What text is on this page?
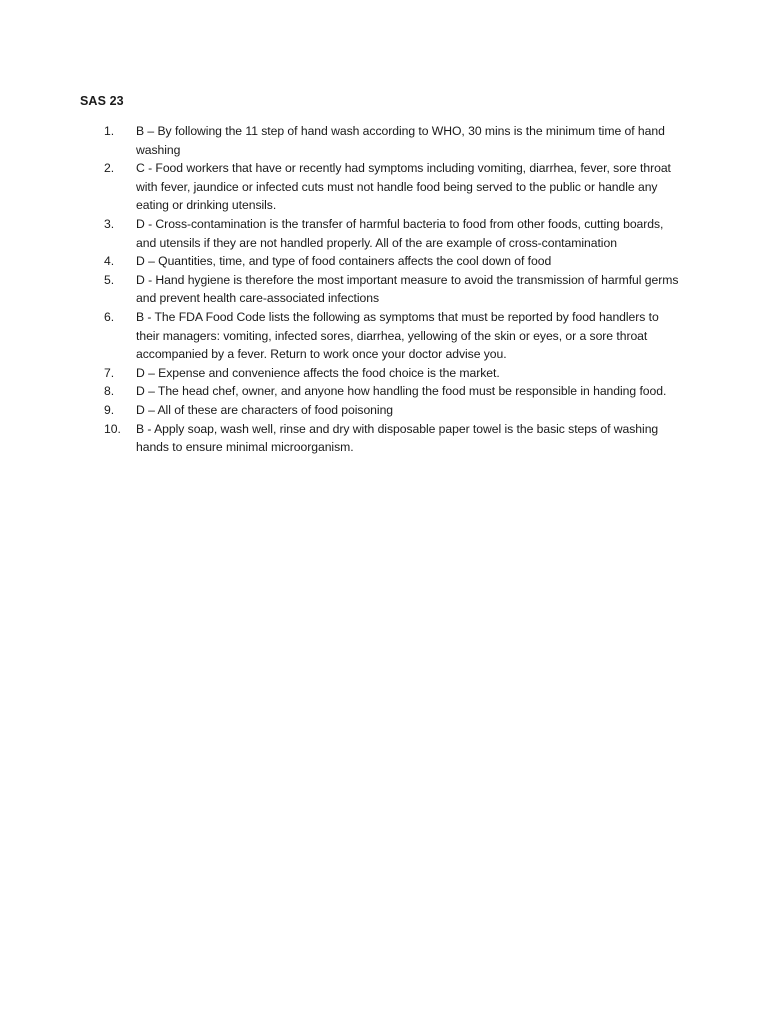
SAS 23
1.	B – By following the 11 step of hand wash according to WHO, 30 mins is the minimum time of hand washing
2.	C - Food workers that have or recently had symptoms including vomiting, diarrhea, fever, sore throat with fever, jaundice or infected cuts must not handle food being served to the public or handle any eating or drinking utensils.
3.	D - Cross-contamination is the transfer of harmful bacteria to food from other foods, cutting boards, and utensils if they are not handled properly. All of the are example of cross-contamination
4.	D – Quantities, time, and type of food containers affects the cool down of food
5.	D - Hand hygiene is therefore the most important measure to avoid the transmission of harmful germs and prevent health care-associated infections
6.	B - The FDA Food Code lists the following as symptoms that must be reported by food handlers to their managers: vomiting, infected sores, diarrhea, yellowing of the skin or eyes, or a sore throat accompanied by a fever. Return to work once your doctor advise you.
7.	D – Expense and convenience affects the food choice is the market.
8.	D – The head chef, owner, and anyone how handling the food must be responsible in handing food.
9.	D – All of these are characters of food poisoning
10.	B - Apply soap, wash well, rinse and dry with disposable paper towel is the basic steps of washing hands to ensure minimal microorganism.
